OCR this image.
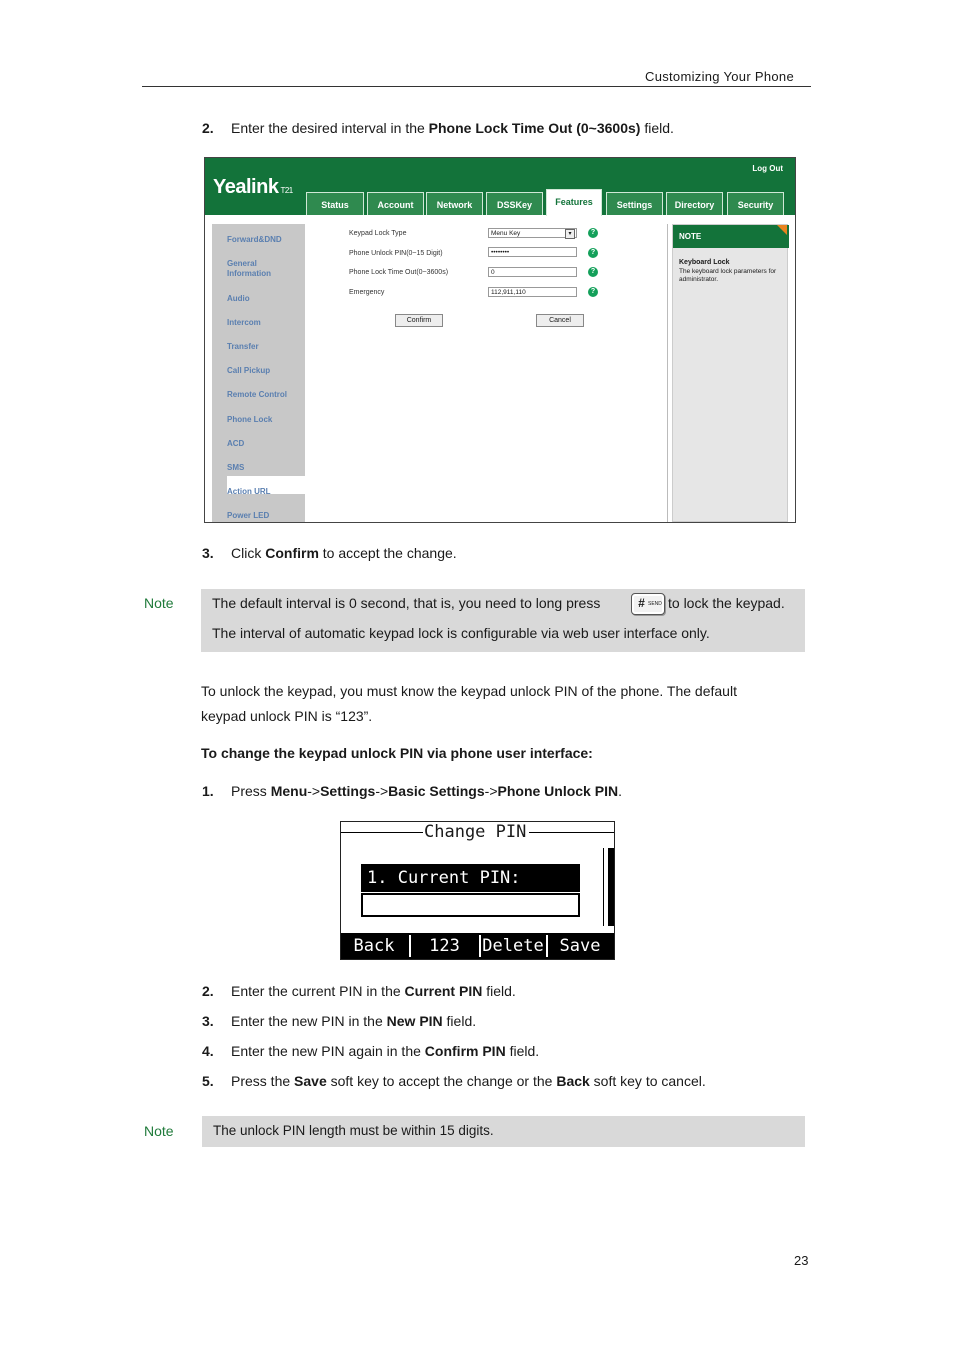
Customizing Your Phone
2. Enter the desired interval in the Phone Lock Time Out (0~3600s) field.
Yealink T21
Log Out
Status	Account	Network	DSSKey	Features	Settings	Directory	Security
Forward&DND
General
Information
Audio
Intercom
Transfer
Call Pickup
Remote Control
Phone Lock
ACD
SMS
Action URL
Power LED
Keypad Lock Type	Menu Key	▾	?
Phone Unlock PIN(0~15 Digit)	••••••••	?
Phone Lock Time Out(0~3600s)	0	?
Emergency	112,911,110	?
Confirm	Cancel
NOTE
Keyboard Lock
The keyboard lock parameters for administrator.
3. Click Confirm to accept the change.
Note	The default interval is 0 second, that is, you need to long press	# SEND to lock the keypad.
The interval of automatic keypad lock is configurable via web user interface only.
To unlock the keypad, you must know the keypad unlock PIN of the phone. The default
keypad unlock PIN is “123”.
To change the keypad unlock PIN via phone user interface:
1. Press Menu->Settings->Basic Settings->Phone Unlock PIN.
Change PIN
1. Current PIN:
Back	123	Delete Save
2. Enter the current PIN in the Current PIN field.
3. Enter the new PIN in the New PIN field.
4. Enter the new PIN again in the Confirm PIN field.
5. Press the Save soft key to accept the change or the Back soft key to cancel.
Note	The unlock PIN length must be within 15 digits.
23
